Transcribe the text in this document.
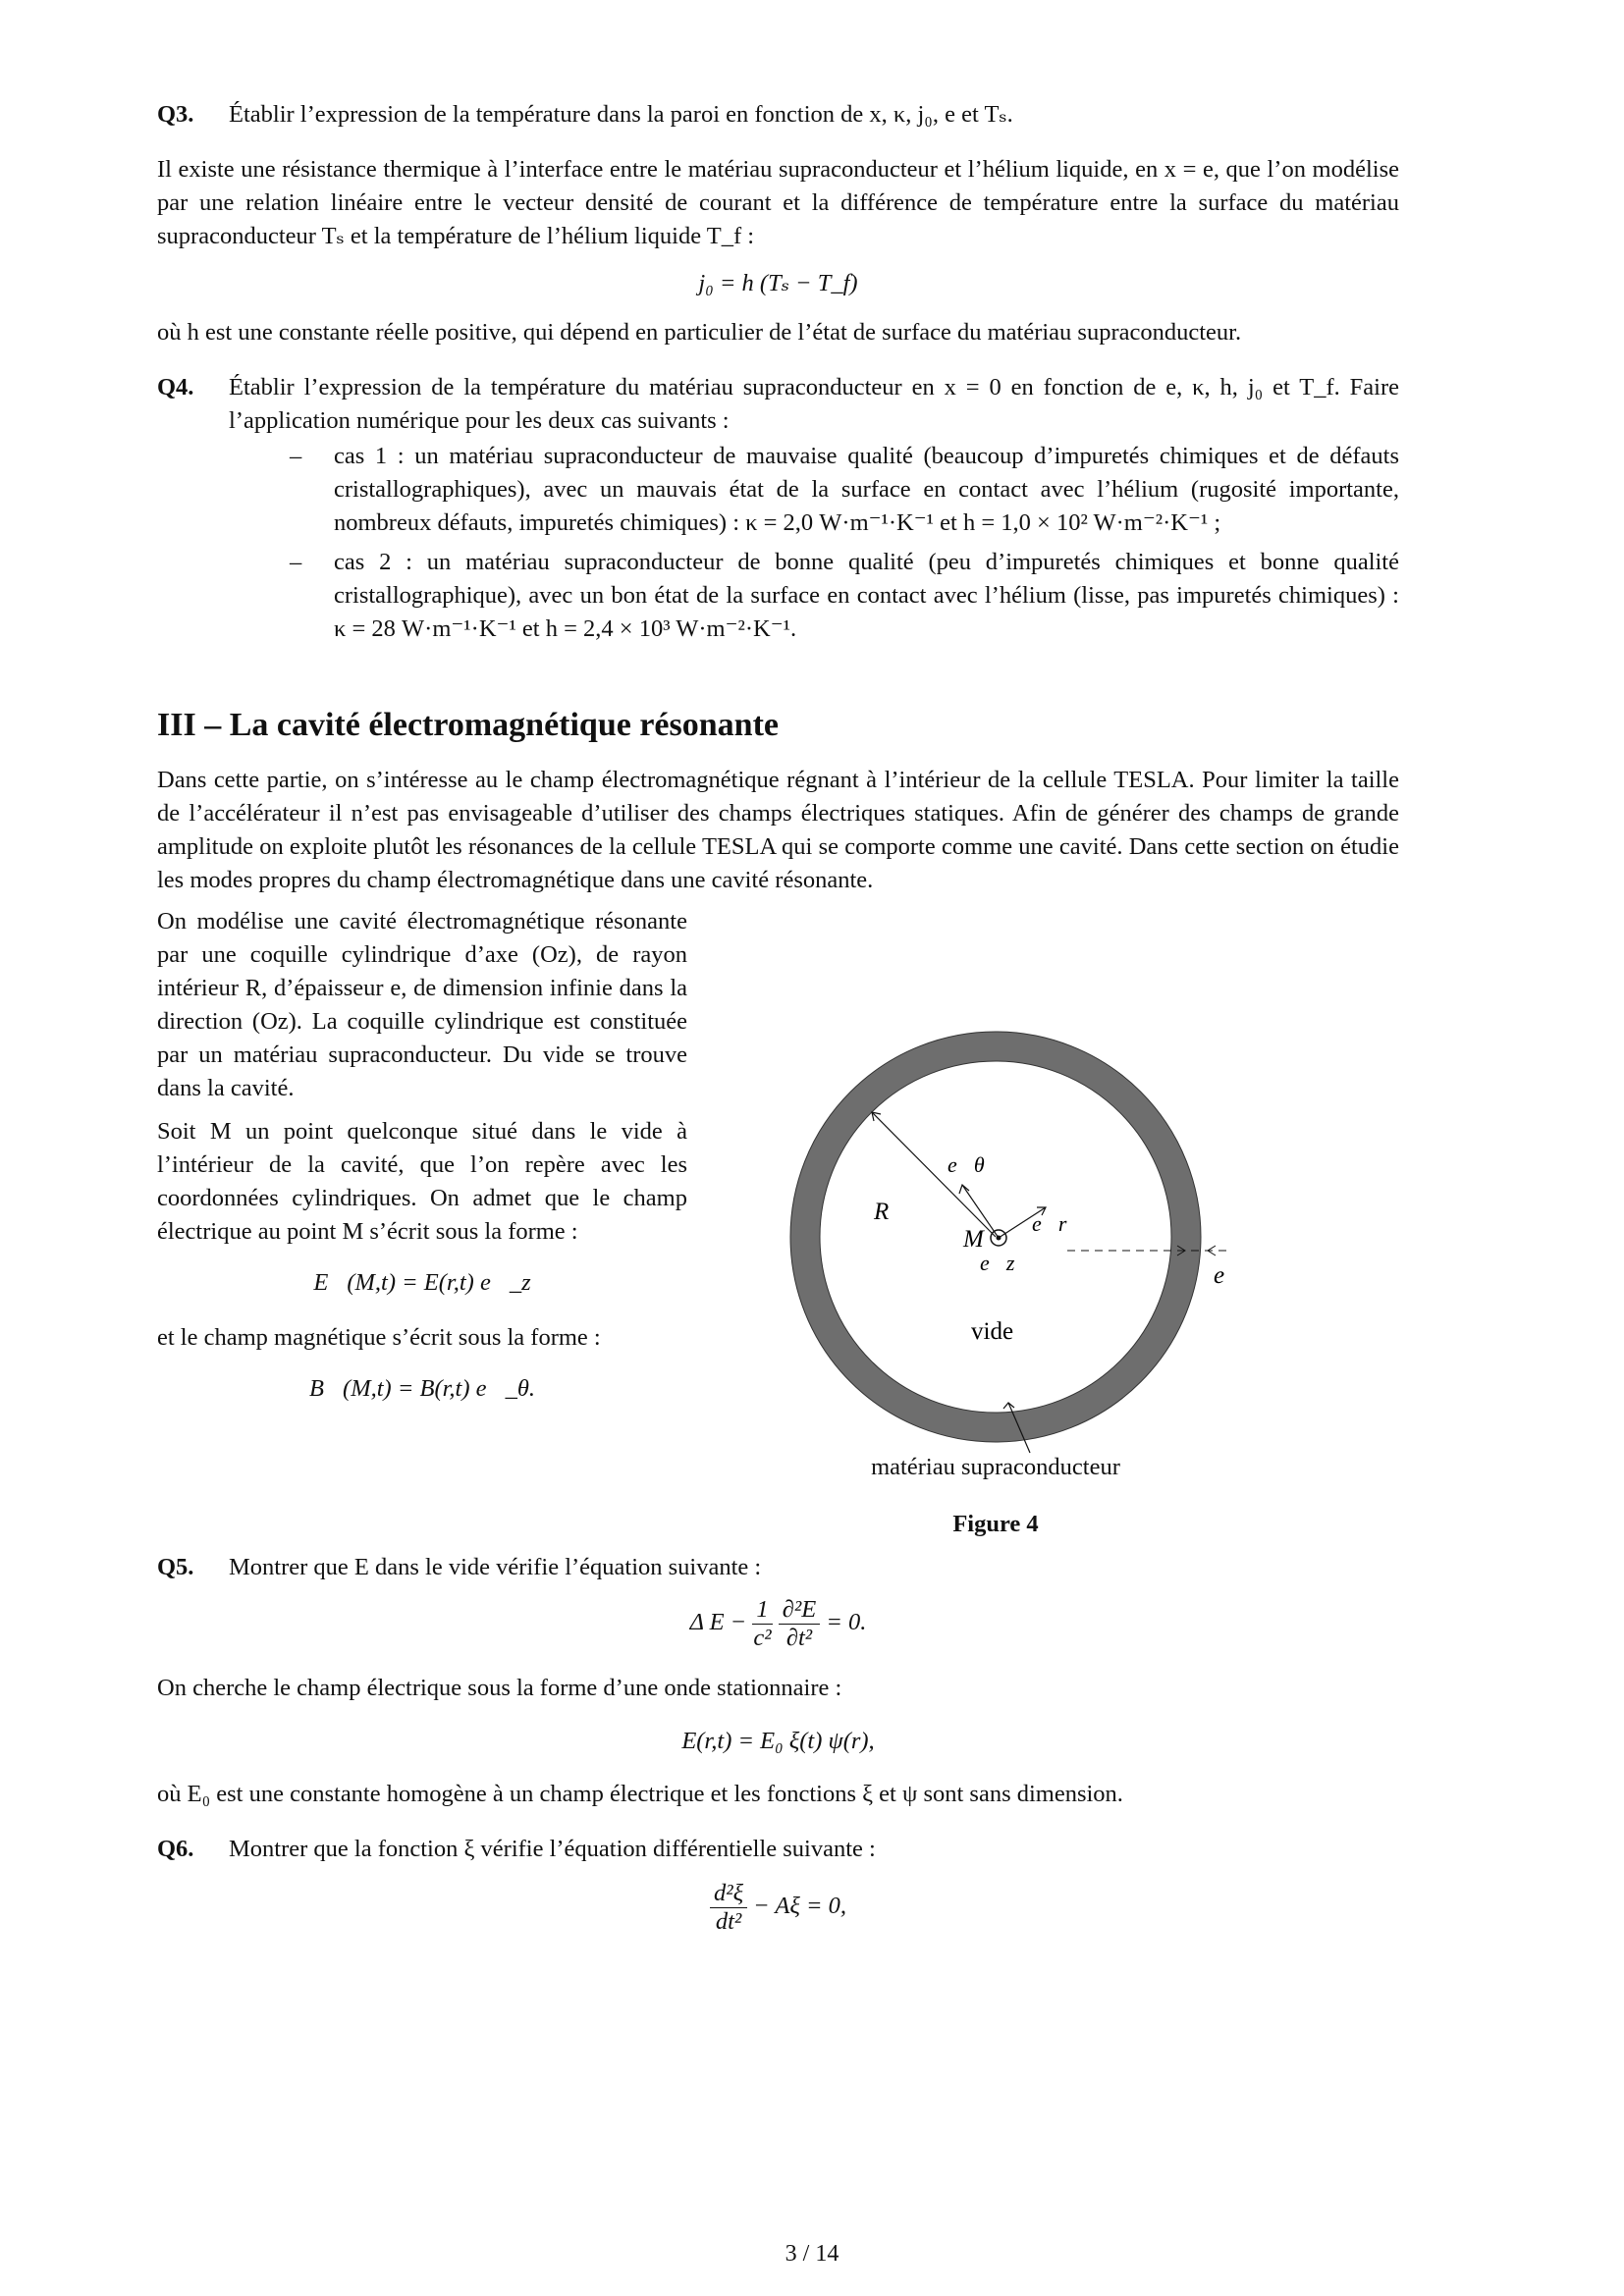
Q3. Établir l’expression de la température dans la paroi en fonction de x, κ, j₀, e et Tₛ.

Il existe une résistance thermique à l’interface entre le matériau supraconducteur et l’hélium liquide, en x = e, que l’on modélise par une relation linéaire entre le vecteur densité de courant et la différence de température entre la surface du matériau supraconducteur Tₛ et la température de l’hélium liquide T_f :

j₀ = h (Tₛ − T_f)

où h est une constante réelle positive, qui dépend en particulier de l’état de surface du matériau supraconducteur.

Q4. Établir l’expression de la température du matériau supraconducteur en x = 0 en fonction de e, κ, h, j₀ et T_f. Faire l’application numérique pour les deux cas suivants :

– cas 1 : un matériau supraconducteur de mauvaise qualité (beaucoup d’impuretés chimiques et de défauts cristallographiques), avec un mauvais état de la surface en contact avec l’hélium (rugosité importante, nombreux défauts, impuretés chimiques) : κ = 2,0 W·m⁻¹·K⁻¹ et h = 1,0 × 10² W·m⁻²·K⁻¹ ;

– cas 2 : un matériau supraconducteur de bonne qualité (peu d’impuretés chimiques et bonne qualité cristallographique), avec un bon état de la surface en contact avec l’hélium (lisse, pas impuretés chimiques) : κ = 28 W·m⁻¹·K⁻¹ et h = 2,4 × 10³ W·m⁻²·K⁻¹.

III – La cavité électromagnétique résonante

Dans cette partie, on s’intéresse au le champ électromagnétique régnant à l’intérieur de la cellule TESLA. Pour limiter la taille de l’accélérateur il n’est pas envisageable d’utiliser des champs électriques statiques. Afin de générer des champs de grande amplitude on exploite plutôt les résonances de la cellule TESLA qui se comporte comme une cavité. Dans cette section on étudie les modes propres du champ électromagnétique dans une cavité résonante.

On modélise une cavité électromagnétique résonante par une coquille cylindrique d’axe (Oz), de rayon intérieur R, d’épaisseur e, de dimension infinie dans la direction (Oz). La coquille cylindrique est constituée par un matériau supraconducteur. Du vide se trouve dans la cavité.

Soit M un point quelconque situé dans le vide à l’intérieur de la cavité, que l’on repère avec les coordonnées cylindriques. On admet que le champ électrique au point M s’écrit sous la forme :

E⃗(M,t) = E(r,t) e⃗_z

et le champ magnétique s’écrit sous la forme :

B⃗(M,t) = B(r,t) e⃗_θ.

R
M
e⃗θ
e⃗r
e⃗z	e
vide

matériau supraconducteur

Figure 4

Q5. Montrer que E dans le vide vérifie l’équation suivante :

Δ $E - \frac{1}{\text{c²}}$
$\frac{\text{∂²E}}{\text{∂t²}} = 0$.

On cherche le champ électrique sous la forme d’une onde stationnaire :

E(r,t) = E₀ ξ(t) ψ(r),

où E₀ est une constante homogène à un champ électrique et les fonctions ξ et ψ sont sans dimension.

Q6. Montrer que la fonction ξ vérifie l’équation différentielle suivante :

$\frac{\text{d²ξ}}{\text{dt²}} - A\xi = 0$,
3 / 14
